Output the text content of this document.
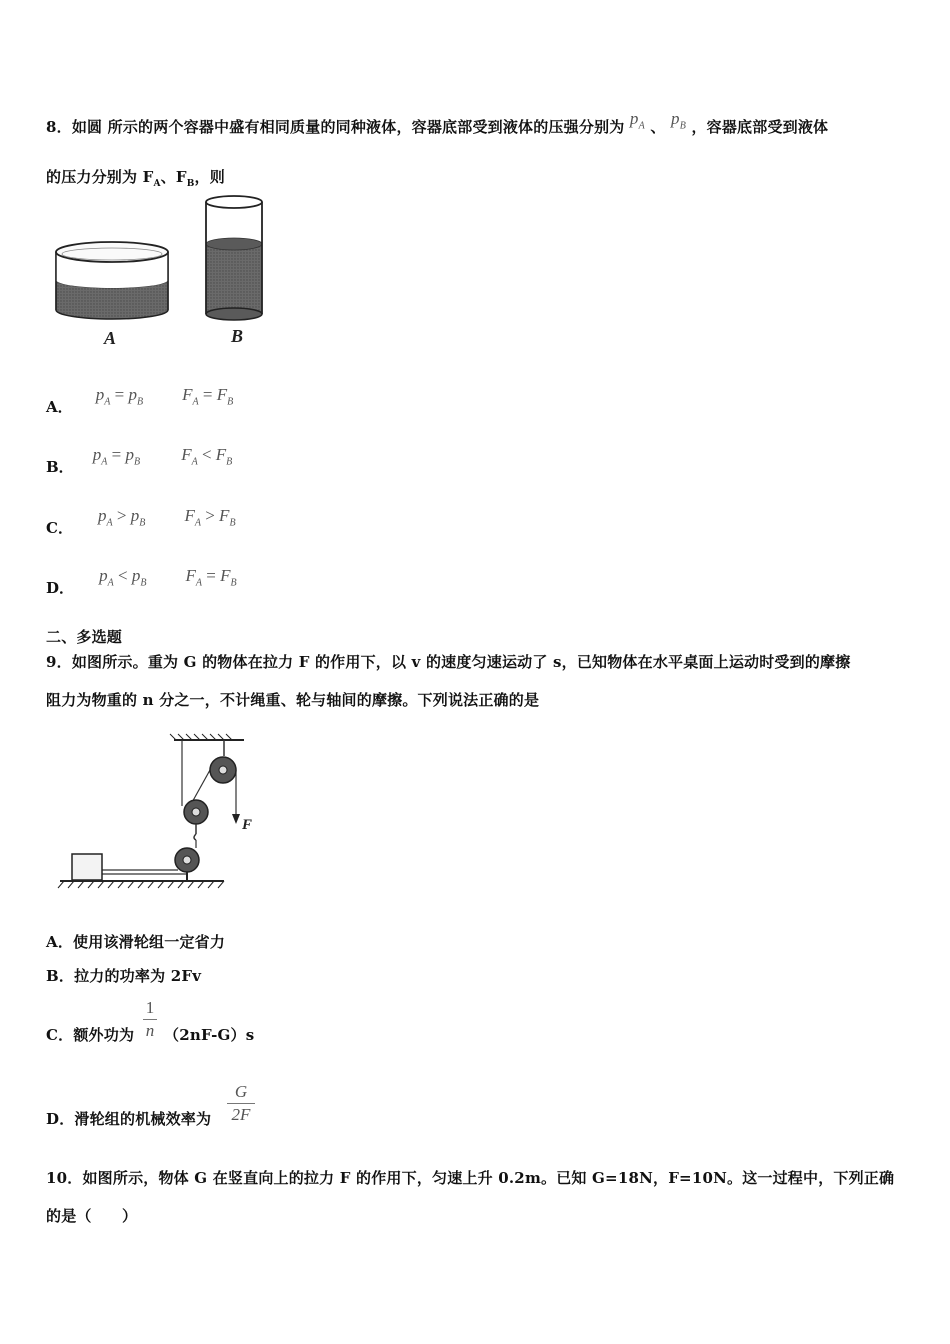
8．如圆 所示的两个容器中盛有相同质量的同种液体，容器底部受到液体的压强分别为 $p_A$ 、 $p_B$ ，容器底部受到液体
的压力分别为 $F_A$、$F_B$，则
A	B
A． $p_A = p_B$ $F_A = F_B$
B． $p_A = p_B$ $F_A < F_B$
C． $p_A > p_B$ $F_A > F_B$
D． $p_A < p_B$ $F_A = F_B$
二、多选题
9．如图所示。重为 G 的物体在拉力 F 的作用下，以 v 的速度匀速运动了 s，已知物体在水平桌面上运动时受到的摩擦
阻力为物重的 n 分之一，不计绳重、轮与轴间的摩擦。下列说法正确的是
F
A．使用该滑轮组一定省力
B．拉力的功率为 2Fv
C．额外功为
1
n （2nF-G）s
D．滑轮组的机械效率为
G
2F
10．如图所示，物体 G 在竖直向上的拉力 F 的作用下，匀速上升 0.2m。已知 G=18N，F=10N。这一过程中，下列正确
的是（　　）
